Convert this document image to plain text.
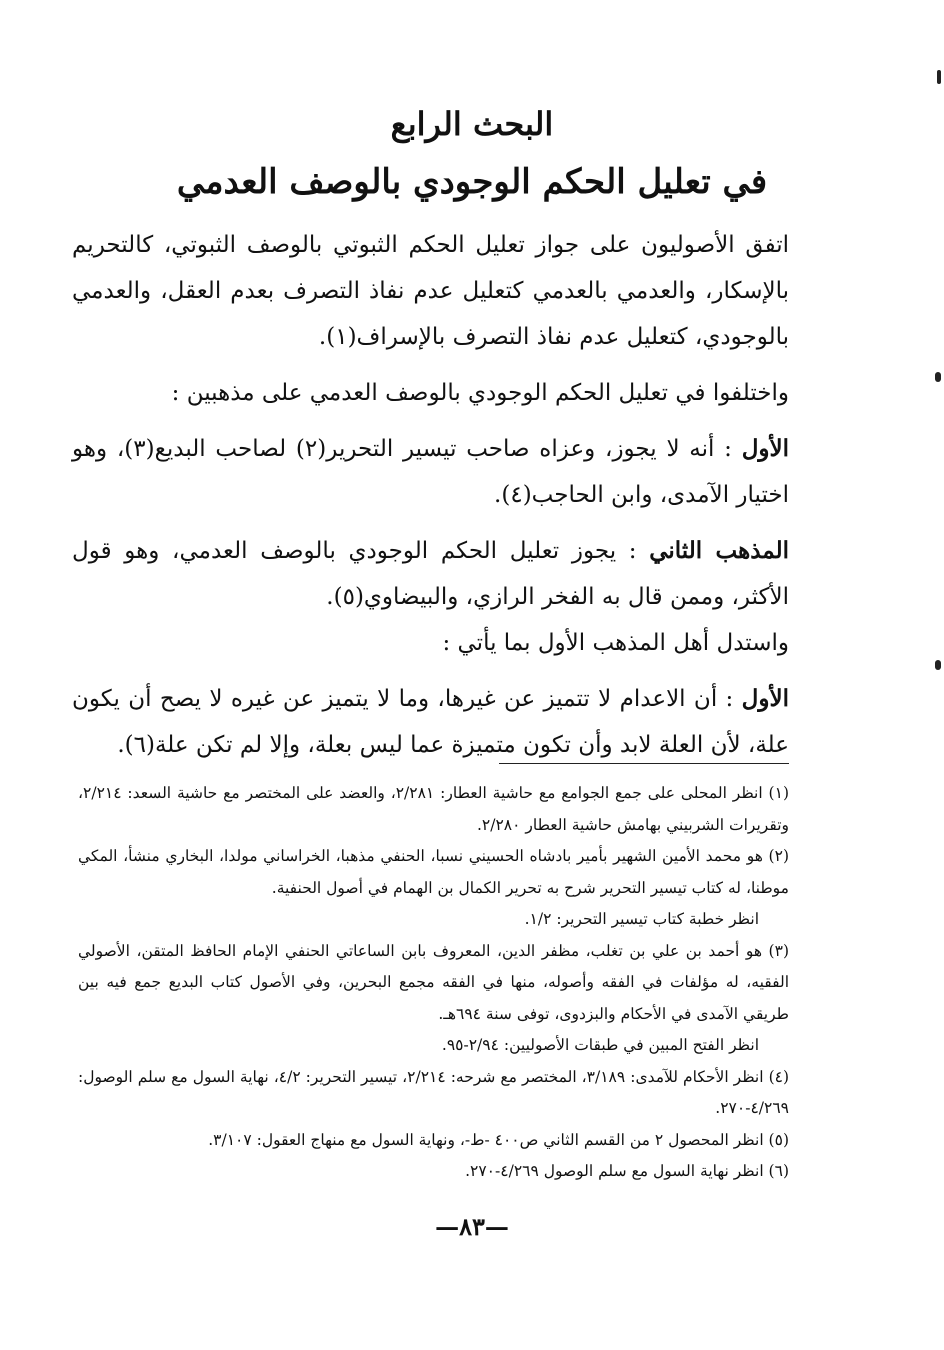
البحث الرابع
في تعليل الحكم الوجودي بالوصف العدمي

اتفق الأصوليون على جواز تعليل الحكم الثبوتي بالوصف الثبوتي، كالتحريم بالإسكار، والعدمي بالعدمي كتعليل عدم نفاذ التصرف بعدم العقل، والعدمي بالوجودي، كتعليل عدم نفاذ التصرف بالإسراف(١).

واختلفوا في تعليل الحكم الوجودي بالوصف العدمي على مذهبين :

الأول : أنه لا يجوز، وعزاه صاحب تيسير التحرير(٢) لصاحب البديع(٣)، وهو اختيار الآمدى، وابن الحاجب(٤).

المذهب الثاني : يجوز تعليل الحكم الوجودي بالوصف العدمي، وهو قول الأكثر، وممن قال به الفخر الرازي، والبيضاوي(٥).

واستدل أهل المذهب الأول بما يأتي :

الأول : أن الاعدام لا تتميز عن غيرها، وما لا يتميز عن غيره لا يصح أن يكون علة، لأن العلة لابد وأن تكون متميزة عما ليس بعلة، وإلا لم تكن علة(٦).

(١) انظر المحلى على جمع الجوامع مع حاشية العطار: ٢/٢٨١، والعضد على المختصر مع حاشية السعد: ٢/٢١٤، وتقريرات الشربيني بهامش حاشية العطار ٢/٢٨٠.

(٢) هو محمد الأمين الشهير بأمير بادشاه الحسيني نسبا، الحنفي مذهبا، الخراساني مولدا، البخاري منشأ، المكي موطنا، له كتاب تيسير التحرير شرح به تحرير الكمال بن الهمام في أصول الحنفية.

انظر خطبة كتاب تيسير التحرير: ١/٢.

(٣) هو أحمد بن علي بن تغلب، مظفر الدين، المعروف بابن الساعاتي الحنفي الإمام الحافظ المتقن، الأصولي الفقيه، له مؤلفات في الفقه وأصوله، منها في الفقه مجمع البحرين، وفي الأصول كتاب البديع جمع فيه بين طريقي الآمدى في الأحكام والبزدوى، توفى سنة ٦٩٤هـ.

انظر الفتح المبين في طبقات الأصوليين: ٢/٩٤-٩٥.

(٤) انظر الأحكام للآمدى: ٣/١٨٩، المختصر مع شرحه: ٢/٢١٤، تيسير التحرير: ٤/٢، نهاية السول مع سلم الوصول: ٤/٢٦٩-٢٧٠.

(٥) انظر المحصول ٢ من القسم الثاني ص٤٠٠ -ط-، ونهاية السول مع منهاج العقول: ٣/١٠٧.

(٦) انظر نهاية السول مع سلم الوصول ٤/٢٦٩-٢٧٠.

—٨٣—
